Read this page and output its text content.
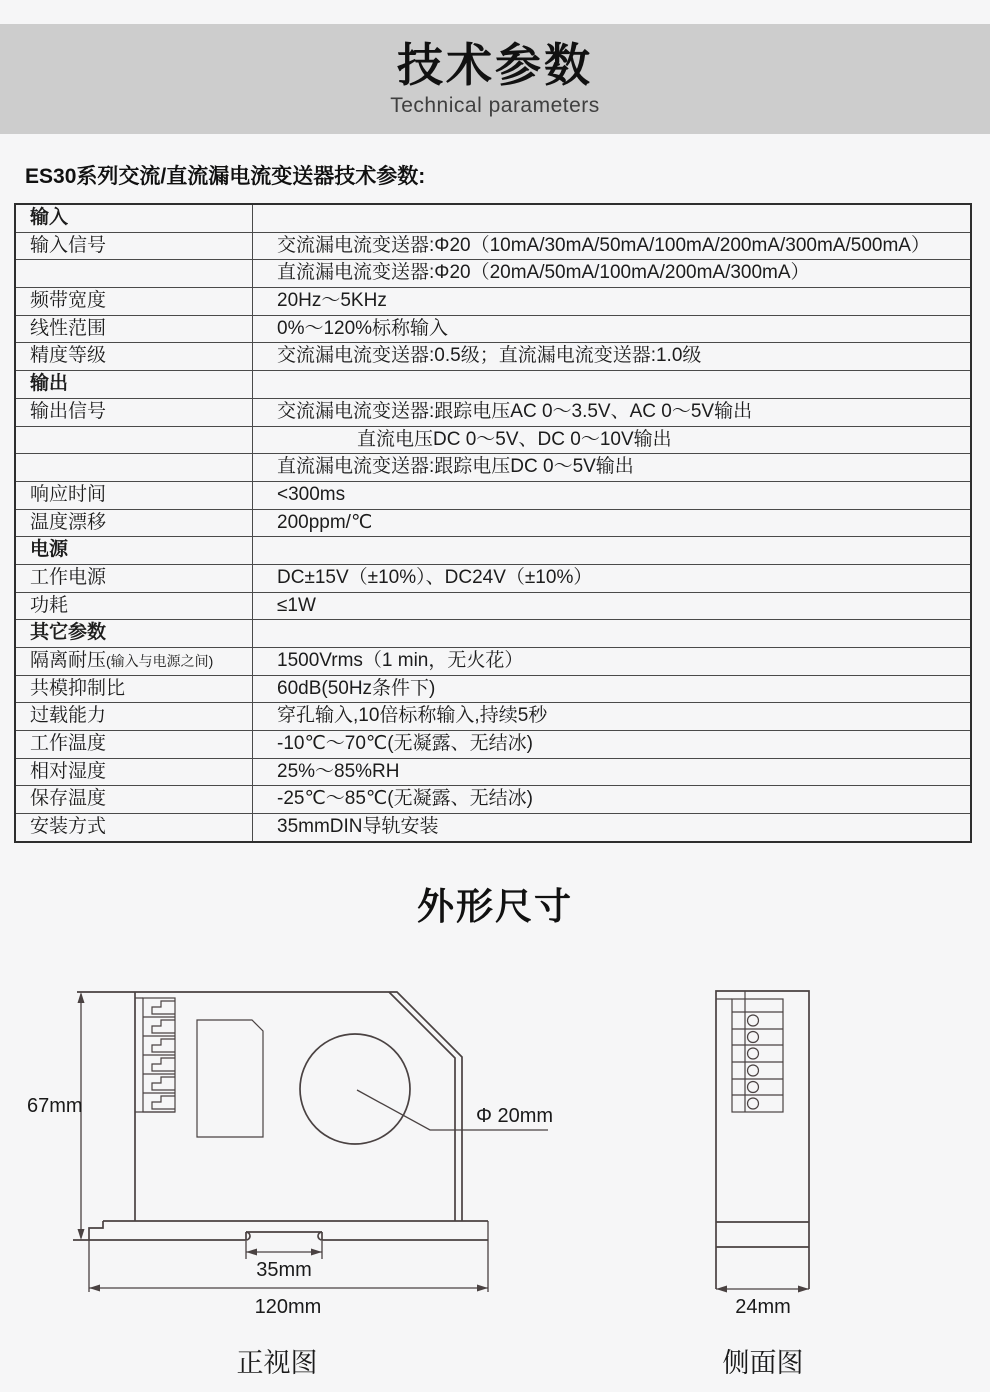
技术参数
Technical parameters
ES30系列交流/直流漏电流变送器技术参数:
输入
输入信号	交流漏电流变送器:Φ20（10mA/30mA/50mA/100mA/200mA/300mA/500mA）
直流漏电流变送器:Φ20（20mA/50mA/100mA/200mA/300mA）
频带宽度	20Hz～5KHz
线性范围	0%～120%标称输入
精度等级	交流漏电流变送器:0.5级；直流漏电流变送器:1.0级
输出
输出信号	交流漏电流变送器:跟踪电压AC 0～3.5V、AC 0～5V输出
直流电压DC 0～5V、DC 0～10V输出
直流漏电流变送器:跟踪电压DC 0～5V输出
响应时间	<300ms
温度漂移	200ppm/℃
电源
工作电源	DC±15V（±10%）、DC24V（±10%）
功耗	≤1W
其它参数
隔离耐压(输入与电源之间)	1500Vrms（1 min，无火花）
共模抑制比	60dB(50Hz条件下)
过载能力	穿孔输入,10倍标称输入,持续5秒
工作温度	-10℃～70℃(无凝露、无结冰)
相对湿度	25%～85%RH
保存温度	-25℃～85℃(无凝露、无结冰)
安装方式	35mmDIN导轨安装
外形尺寸
67mm	Φ 20mm
35mm
120mm	24mm
正视图	侧面图
